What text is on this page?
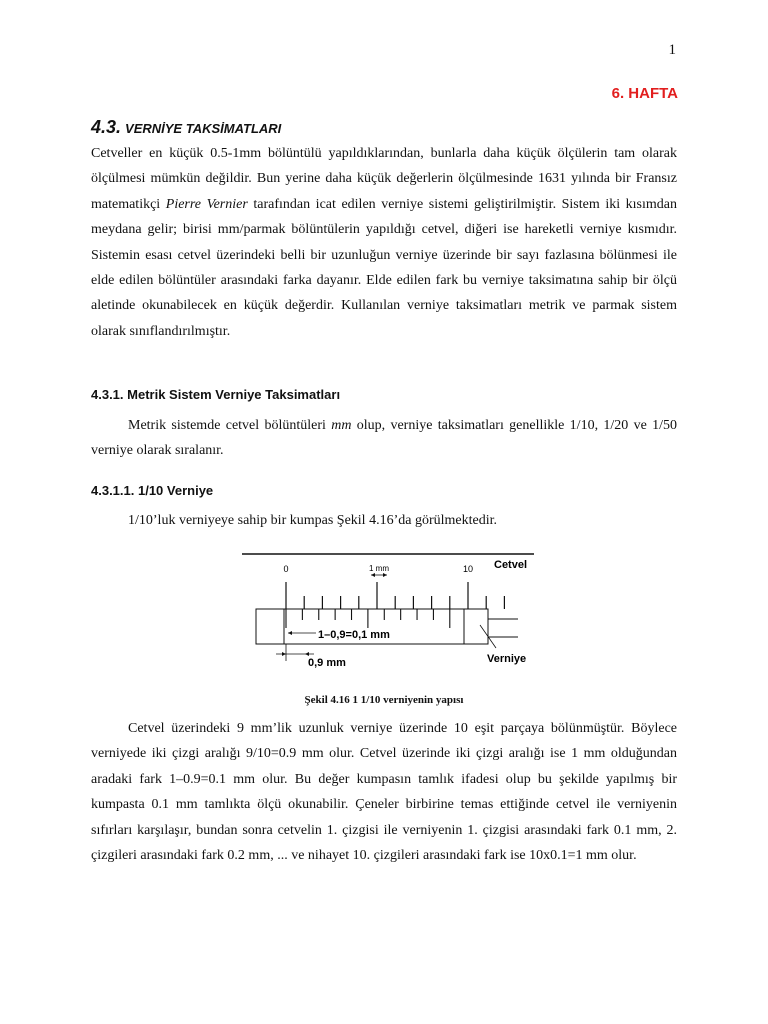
1
6. HAFTA
4.3. VERNİYE TAKSİMATLARI

Cetveller en küçük 0.5-1mm bölüntülü yapıldıklarından, bunlarla daha küçük ölçülerin tam olarak ölçülmesi mümkün değildir. Bun yerine daha küçük değerlerin ölçülmesinde 1631 yılında bir Fransız matematikçi Pierre Vernier tarafından icat edilen verniye sistemi geliştirilmiştir. Sistem iki kısımdan meydana gelir; birisi mm/parmak bölüntülerin yapıldığı cetvel, diğeri ise hareketli verniye kısmıdır. Sistemin esası cetvel üzerindeki belli bir uzunluğun verniye üzerinde bir sayı fazlasına bölünmesi ile elde edilen bölüntüler arasındaki farka dayanır. Elde edilen fark bu verniye taksimatına sahip bir ölçü aletinde okunabilecek en küçük değerdir. Kullanılan verniye taksimatları metrik ve parmak sistem olarak sınıflandırılmıştır.

4.3.1. Metrik Sistem Verniye Taksimatları

Metrik sistemde cetvel bölüntüleri mm olup, verniye taksimatları genellikle 1/10, 1/20 ve 1/50 verniye olarak sıralanır.

4.3.1.1. 1/10 Verniye
1/10’luk verniyeye sahip bir kumpas Şekil 4.16’da görülmektedir.
0	10
1 mm	Cetvel
1–0,9=0,1 mm
Verniye
0,9 mm
Şekil 4.16 1 1/10 verniyenin yapısı

Cetvel üzerindeki 9 mm’lik uzunluk verniye üzerinde 10 eşit parçaya bölünmüştür. Böylece verniyede iki çizgi aralığı 9/10=0.9 mm olur. Cetvel üzerinde iki çizgi aralığı ise 1 mm olduğundan aradaki fark 1–0.9=0.1 mm olur. Bu değer kumpasın tamlık ifadesi olup bu şekilde yapılmış bir kumpasta 0.1 mm tamlıkta ölçü okunabilir. Çeneler birbirine temas ettiğinde cetvel ile verniyenin sıfırları karşılaşır, bundan sonra cetvelin 1. çizgisi ile verniyenin 1. çizgisi arasındaki fark 0.1 mm, 2. çizgileri arasındaki fark 0.2 mm, ... ve nihayet 10. çizgileri arasındaki fark ise 10x0.1=1 mm olur.
